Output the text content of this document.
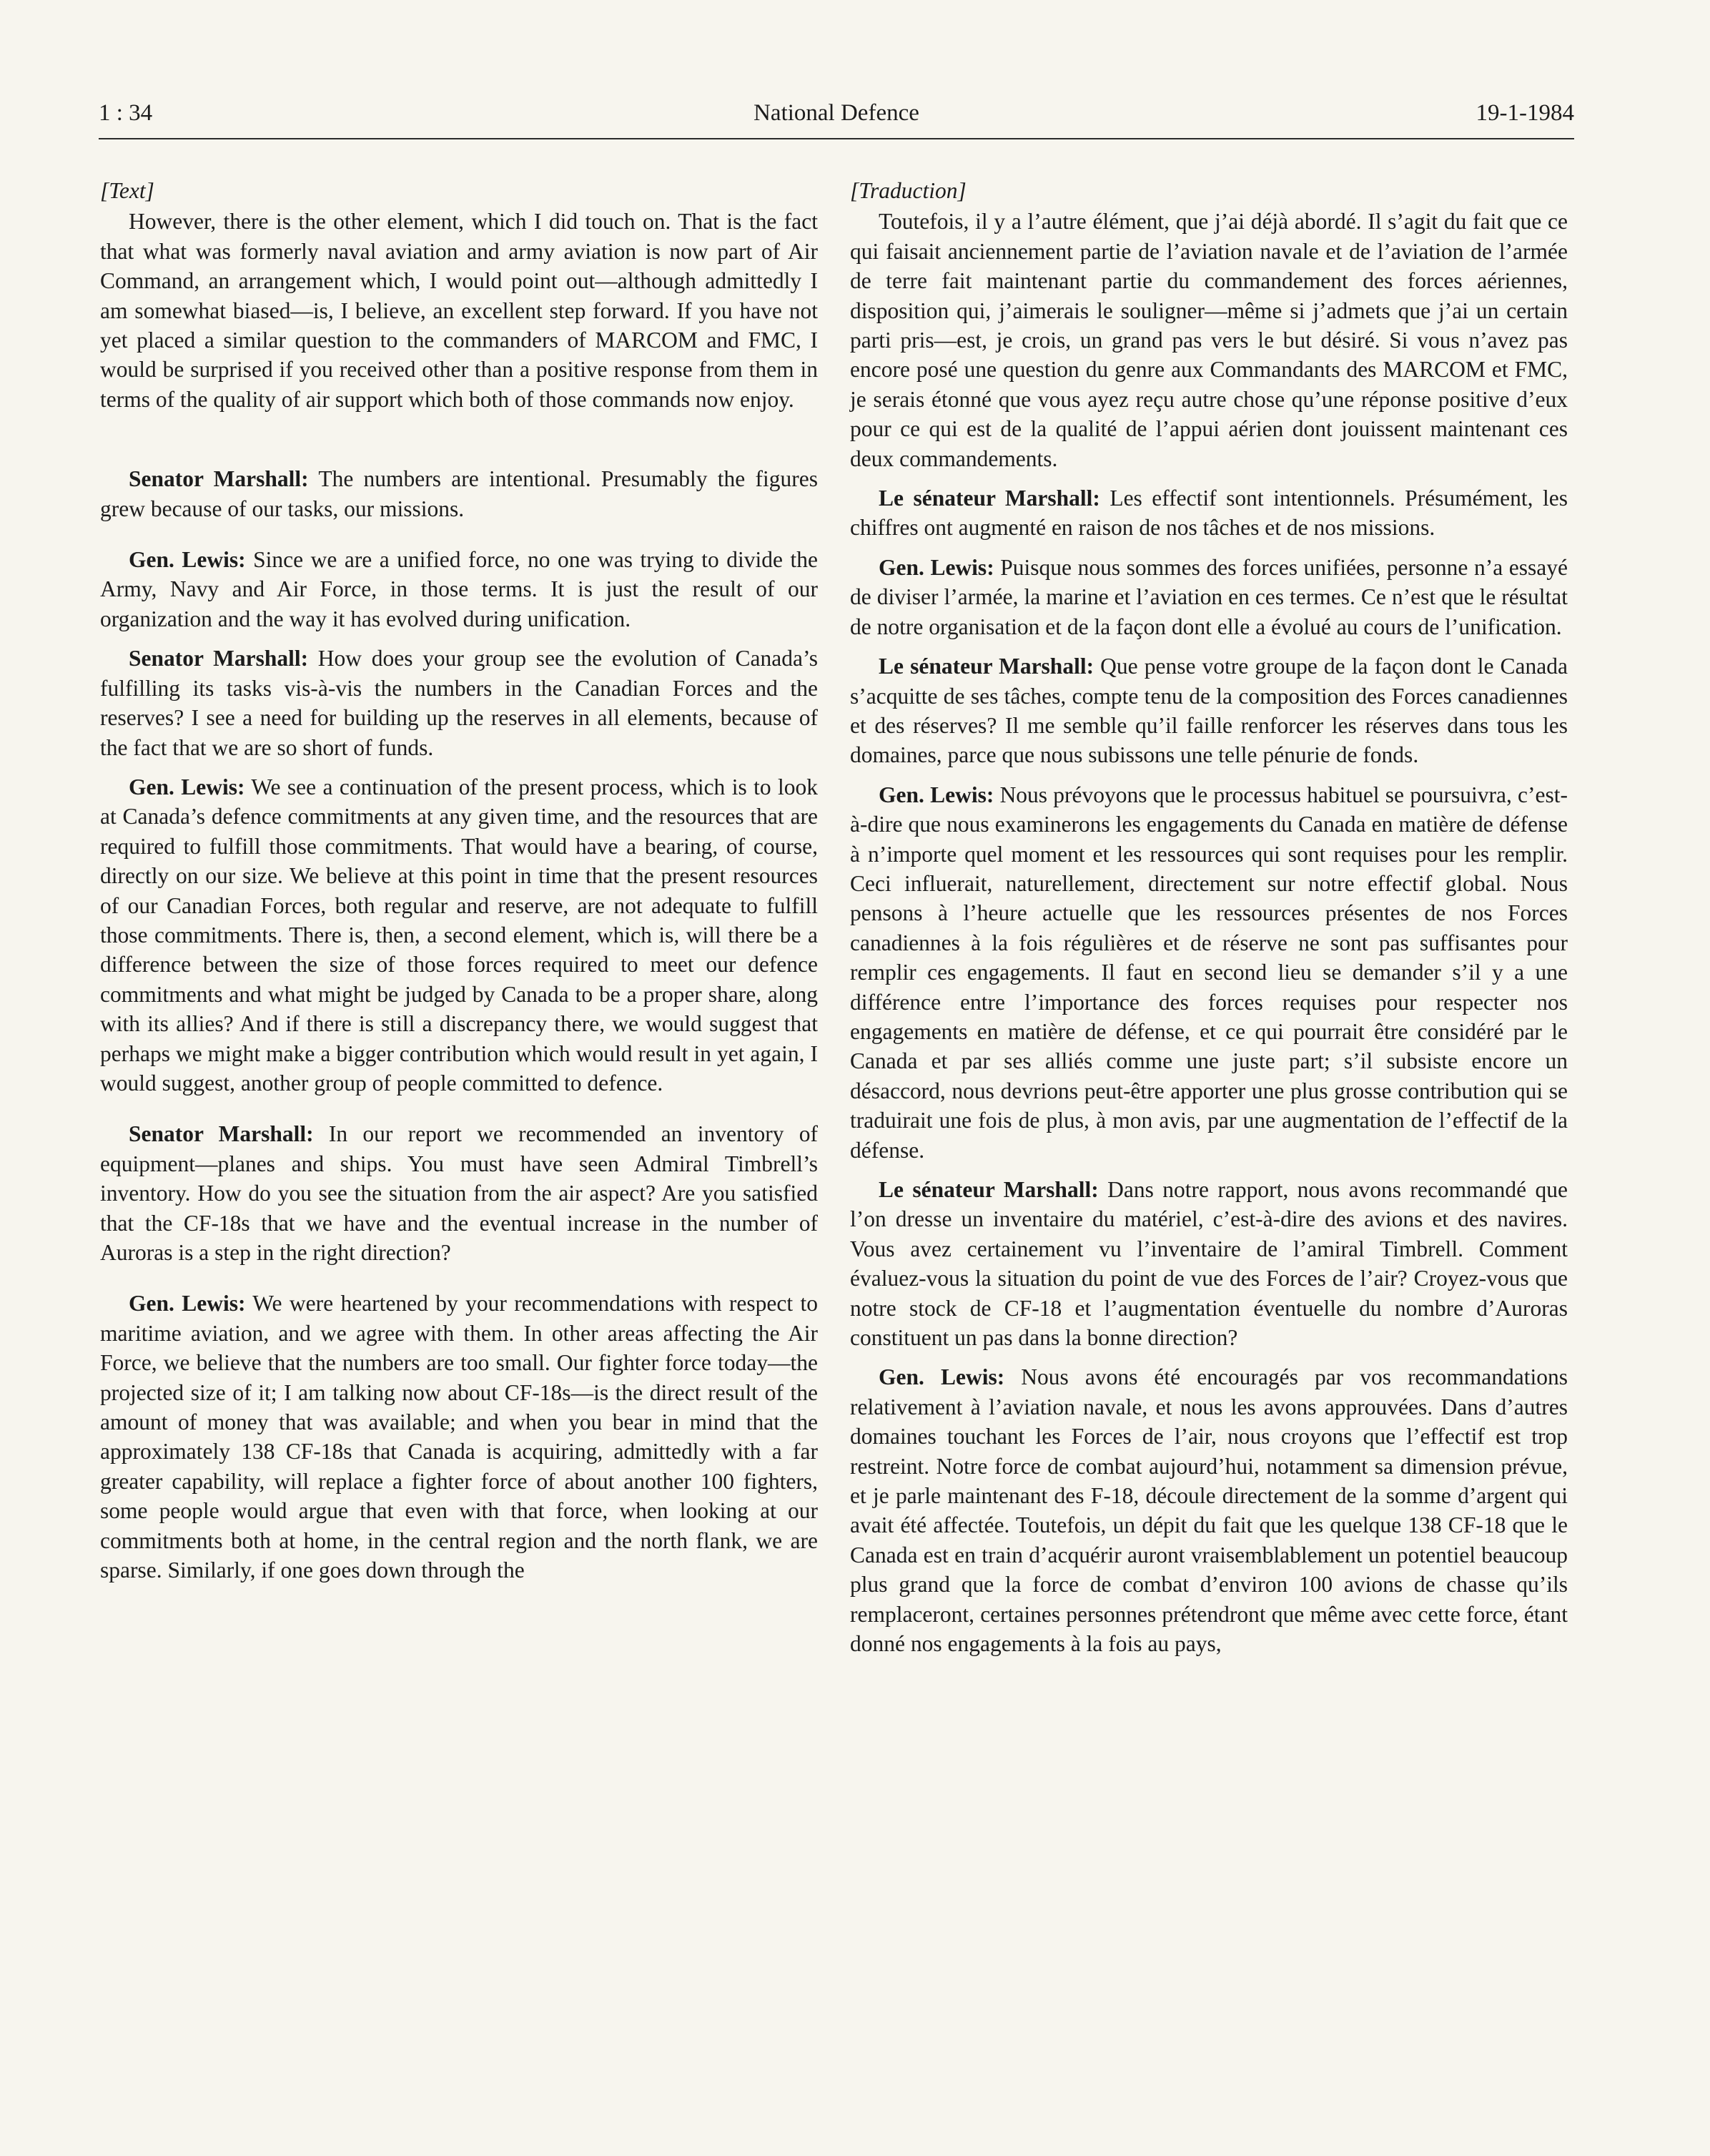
1 : 34	National Defence	19-1-1984
[Text]

However, there is the other element, which I did touch on. That is the fact that what was formerly naval aviation and army aviation is now part of Air Command, an arrangement which, I would point out—although admittedly I am somewhat biased—is, I believe, an excellent step forward. If you have not yet placed a similar question to the commanders of MARCOM and FMC, I would be surprised if you received other than a positive response from them in terms of the quality of air support which both of those commands now enjoy.

Senator Marshall: The numbers are intentional. Presumably the figures grew because of our tasks, our missions.

Gen. Lewis: Since we are a unified force, no one was trying to divide the Army, Navy and Air Force, in those terms. It is just the result of our organization and the way it has evolved during unification.

Senator Marshall: How does your group see the evolution of Canada’s fulfilling its tasks vis-à-vis the numbers in the Canadian Forces and the reserves? I see a need for building up the reserves in all elements, because of the fact that we are so short of funds.

Gen. Lewis: We see a continuation of the present process, which is to look at Canada’s defence commitments at any given time, and the resources that are required to fulfill those commitments. That would have a bearing, of course, directly on our size. We believe at this point in time that the present resources of our Canadian Forces, both regular and reserve, are not adequate to fulfill those commitments. There is, then, a second element, which is, will there be a difference between the size of those forces required to meet our defence commitments and what might be judged by Canada to be a proper share, along with its allies? And if there is still a discrepancy there, we would suggest that perhaps we might make a bigger contribution which would result in yet again, I would suggest, another group of people committed to defence.

Senator Marshall: In our report we recommended an inventory of equipment—planes and ships. You must have seen Admiral Timbrell’s inventory. How do you see the situation from the air aspect? Are you satisfied that the CF-18s that we have and the eventual increase in the number of Auroras is a step in the right direction?

Gen. Lewis: We were heartened by your recommendations with respect to maritime aviation, and we agree with them. In other areas affecting the Air Force, we believe that the numbers are too small. Our fighter force today—the projected size of it; I am talking now about CF-18s—is the direct result of the amount of money that was available; and when you bear in mind that the approximately 138 CF-18s that Canada is acquiring, admittedly with a far greater capability, will replace a fighter force of about another 100 fighters, some people would argue that even with that force, when looking at our commitments both at home, in the central region and the north flank, we are sparse. Similarly, if one goes down through the

[Traduction]

Toutefois, il y a l’autre élément, que j’ai déjà abordé. Il s’agit du fait que ce qui faisait anciennement partie de l’aviation navale et de l’aviation de l’armée de terre fait maintenant partie du commandement des forces aériennes, disposition qui, j’aimerais le souligner—même si j’admets que j’ai un certain parti pris—est, je crois, un grand pas vers le but désiré. Si vous n’avez pas encore posé une question du genre aux Commandants des MARCOM et FMC, je serais étonné que vous ayez reçu autre chose qu’une réponse positive d’eux pour ce qui est de la qualité de l’appui aérien dont jouissent maintenant ces deux commandements.

Le sénateur Marshall: Les effectif sont intentionnels. Présumément, les chiffres ont augmenté en raison de nos tâches et de nos missions.

Gen. Lewis: Puisque nous sommes des forces unifiées, personne n’a essayé de diviser l’armée, la marine et l’aviation en ces termes. Ce n’est que le résultat de notre organisation et de la façon dont elle a évolué au cours de l’unification.

Le sénateur Marshall: Que pense votre groupe de la façon dont le Canada s’acquitte de ses tâches, compte tenu de la composition des Forces canadiennes et des réserves? Il me semble qu’il faille renforcer les réserves dans tous les domaines, parce que nous subissons une telle pénurie de fonds.

Gen. Lewis: Nous prévoyons que le processus habituel se poursuivra, c’est-à-dire que nous examinerons les engagements du Canada en matière de défense à n’importe quel moment et les ressources qui sont requises pour les remplir. Ceci influerait, naturellement, directement sur notre effectif global. Nous pensons à l’heure actuelle que les ressources présentes de nos Forces canadiennes à la fois régulières et de réserve ne sont pas suffisantes pour remplir ces engagements. Il faut en second lieu se demander s’il y a une différence entre l’importance des forces requises pour respecter nos engagements en matière de défense, et ce qui pourrait être considéré par le Canada et par ses alliés comme une juste part; s’il subsiste encore un désaccord, nous devrions peut-être apporter une plus grosse contribution qui se traduirait une fois de plus, à mon avis, par une augmentation de l’effectif de la défense.

Le sénateur Marshall: Dans notre rapport, nous avons recommandé que l’on dresse un inventaire du matériel, c’est-à-dire des avions et des navires. Vous avez certainement vu l’inventaire de l’amiral Timbrell. Comment évaluez-vous la situation du point de vue des Forces de l’air? Croyez-vous que notre stock de CF-18 et l’augmentation éventuelle du nombre d’Auroras constituent un pas dans la bonne direction?

Gen. Lewis: Nous avons été encouragés par vos recommandations relativement à l’aviation navale, et nous les avons approuvées. Dans d’autres domaines touchant les Forces de l’air, nous croyons que l’effectif est trop restreint. Notre force de combat aujourd’hui, notamment sa dimension prévue, et je parle maintenant des F-18, découle directement de la somme d’argent qui avait été affectée. Toutefois, un dépit du fait que les quelque 138 CF-18 que le Canada est en train d’acquérir auront vraisemblablement un potentiel beaucoup plus grand que la force de combat d’environ 100 avions de chasse qu’ils remplaceront, certaines personnes prétendront que même avec cette force, étant donné nos engagements à la fois au pays,
